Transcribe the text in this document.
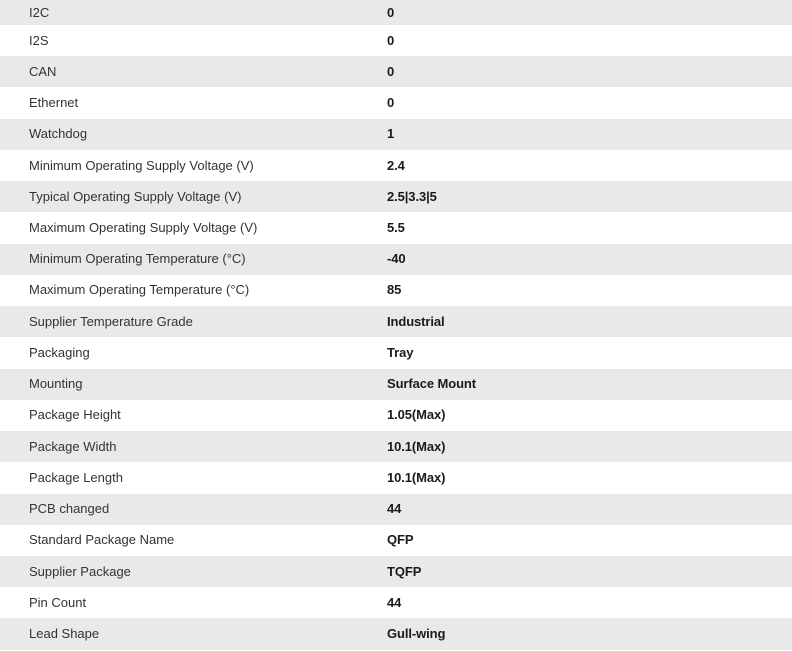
I2C	0
I2S	0
CAN	0
Ethernet	0
Watchdog	1
Minimum Operating Supply Voltage (V)	2.4
Typical Operating Supply Voltage (V)	2.5|3.3|5
Maximum Operating Supply Voltage (V)	5.5
Minimum Operating Temperature (°C)	-40
Maximum Operating Temperature (°C)	85
Supplier Temperature Grade	Industrial
Packaging	Tray
Mounting	Surface Mount
Package Height	1.05(Max)
Package Width	10.1(Max)
Package Length	10.1(Max)
PCB changed	44
Standard Package Name	QFP
Supplier Package	TQFP
Pin Count	44
Lead Shape	Gull-wing
